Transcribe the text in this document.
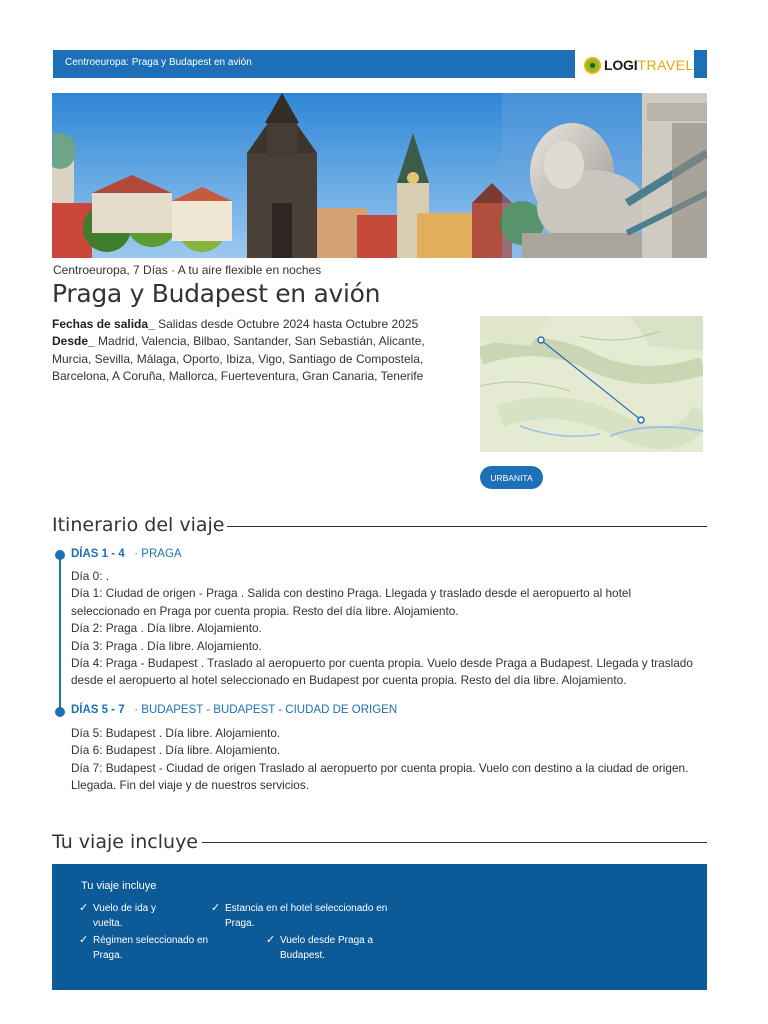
Centroeuropa: Praga y Budapest en avión	LOGI TRAVEL
Centroeuropa, 7 Días · A tu aire flexible en noches
Praga y Budapest en avión
Fechas de salida_ Salidas desde Octubre 2024 hasta Octubre 2025
Desde_ Madrid, Valencia, Bilbao, Santander, San Sebastián, Alicante,
Murcia, Sevilla, Málaga, Oporto, Ibiza, Vigo, Santiago de Compostela,
Barcelona, A Coruña, Mallorca, Fuerteventura, Gran Canaria, Tenerife
URBANITA
Itinerario del viaje
DÍAS 1 - 4 · PRAGA
Día 0: .
Día 1: Ciudad de origen - Praga . Salida con destino Praga. Llegada y traslado desde el aeropuerto al hotel
seleccionado en Praga por cuenta propia. Resto del día libre. Alojamiento.
Día 2: Praga . Día libre. Alojamiento.
Día 3: Praga . Día libre. Alojamiento.
Día 4: Praga - Budapest . Traslado al aeropuerto por cuenta propia. Vuelo desde Praga a Budapest. Llegada y traslado
desde el aeropuerto al hotel seleccionado en Budapest por cuenta propia. Resto del día libre. Alojamiento.
DÍAS 5 - 7 · BUDAPEST - BUDAPEST - CIUDAD DE ORIGEN
Día 5: Budapest . Día libre. Alojamiento.
Día 6: Budapest . Día libre. Alojamiento.
Día 7: Budapest - Ciudad de origen Traslado al aeropuerto por cuenta propia. Vuelo con destino a la ciudad de origen.
Llegada. Fin del viaje y de nuestros servicios.
Tu viaje incluye
Tu viaje incluye
✓ Vuelo de ida y
vuelta.
✓ Estancia en el hotel seleccionado en
Praga.
✓ Régimen seleccionado en
Praga.
✓ Vuelo desde Praga a
Budapest.
